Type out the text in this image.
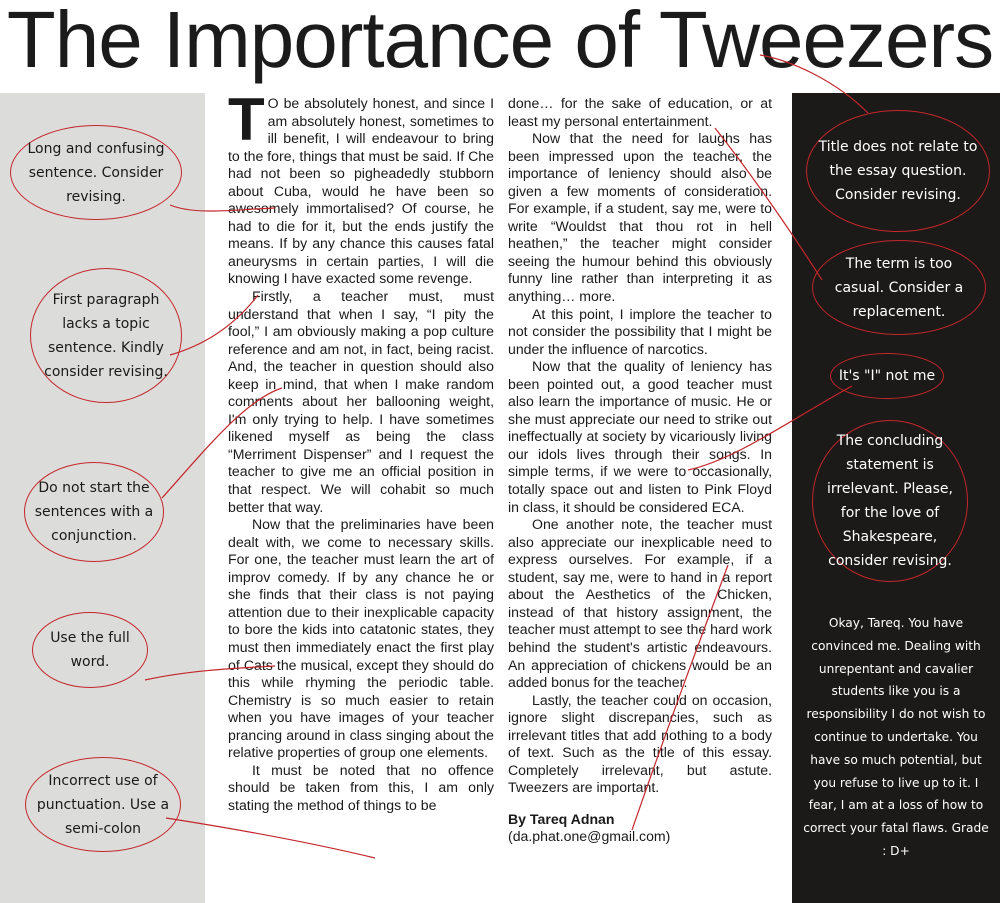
The Importance of Tweezers

T O be absolutely honest, and since I am absolutely honest, sometimes to ill benefit, I will endeavour to bring to the fore, things that must be said. If Che had not been so pigheadedly stubborn about Cuba, would he have been so awesomely immortalised? Of course, he had to die for it, but the ends justify the means. If by any chance this causes fatal aneurysms in certain parties, I will die knowing I have exacted some revenge.

Firstly, a teacher must, must understand that when I say, “I pity the fool,” I am obviously making a pop culture reference and am not, in fact, being racist. And, the teacher in question should also keep in mind, that when I make random comments about her ballooning weight, I'm only trying to help. I have sometimes likened myself as being the class “Merriment Dispenser” and I request the teacher to give me an official position in that respect. We will cohabit so much better that way.

Now that the preliminaries have been dealt with, we come to necessary skills. For one, the teacher must learn the art of improv comedy. If by any chance he or she finds that their class is not paying attention due to their inexplicable capacity to bore the kids into catatonic states, they must then immediately enact the first play of Cats the musical, except they should do this while rhyming the periodic table. Chemistry is so much easier to retain when you have images of your teacher prancing around in class singing about the relative properties of group one elements.

It must be noted that no offence should be taken from this, I am only stating the method of things to be

done… for the sake of education, or at least my personal entertainment.

Now that the need for laughs has been impressed upon the teacher, the importance of leniency should also be given a few moments of consideration. For example, if a student, say me, were to write “Wouldst that thou rot in hell heathen,” the teacher might consider seeing the humour behind this obviously funny line rather than interpreting it as anything… more.

At this point, I implore the teacher to not consider the possibility that I might be under the influence of narcotics.

Now that the quality of leniency has been pointed out, a good teacher must also learn the importance of music. He or she must appreciate our need to strike out ineffectually at society by vicariously living our idols lives through their songs. In simple terms, if we were to occasionally, totally space out and listen to Pink Floyd in class, it should be considered ECA.

One another note, the teacher must also appreciate our inexplicable need to express ourselves. For example, if a student, say me, were to hand in a report about the Aesthetics of the Chicken, instead of that history assignment, the teacher must attempt to see the hard work behind the student's artistic endeavours. An appreciation of chickens would be an added bonus for the teacher.

Lastly, the teacher could on occasion, ignore slight discrepancies, such as irrelevant titles that add nothing to a body of text. Such as the title of this essay. Completely irrelevant, but astute. Tweezers are important.

By Tareq Adnan
(da.phat.one@gmail.com)

Long and confusing sentence. Consider revising.
First paragraph lacks a topic sentence. Kindly consider revising.
Do not start the sentences with a conjunction.
Use the full word.
Incorrect use of punctuation. Use a semi-colon
Title does not relate to the essay question. Consider revising.
The term is too casual. Consider a replacement.
It's "I" not me
The concluding statement is irrelevant. Please, for the love of Shakespeare, consider revising.
Okay, Tareq. You have convinced me. Dealing with unrepentant and cavalier students like you is a responsibility I do not wish to continue to undertake. You have so much potential, but you refuse to live up to it. I fear, I am at a loss of how to correct your fatal flaws. Grade : D+
